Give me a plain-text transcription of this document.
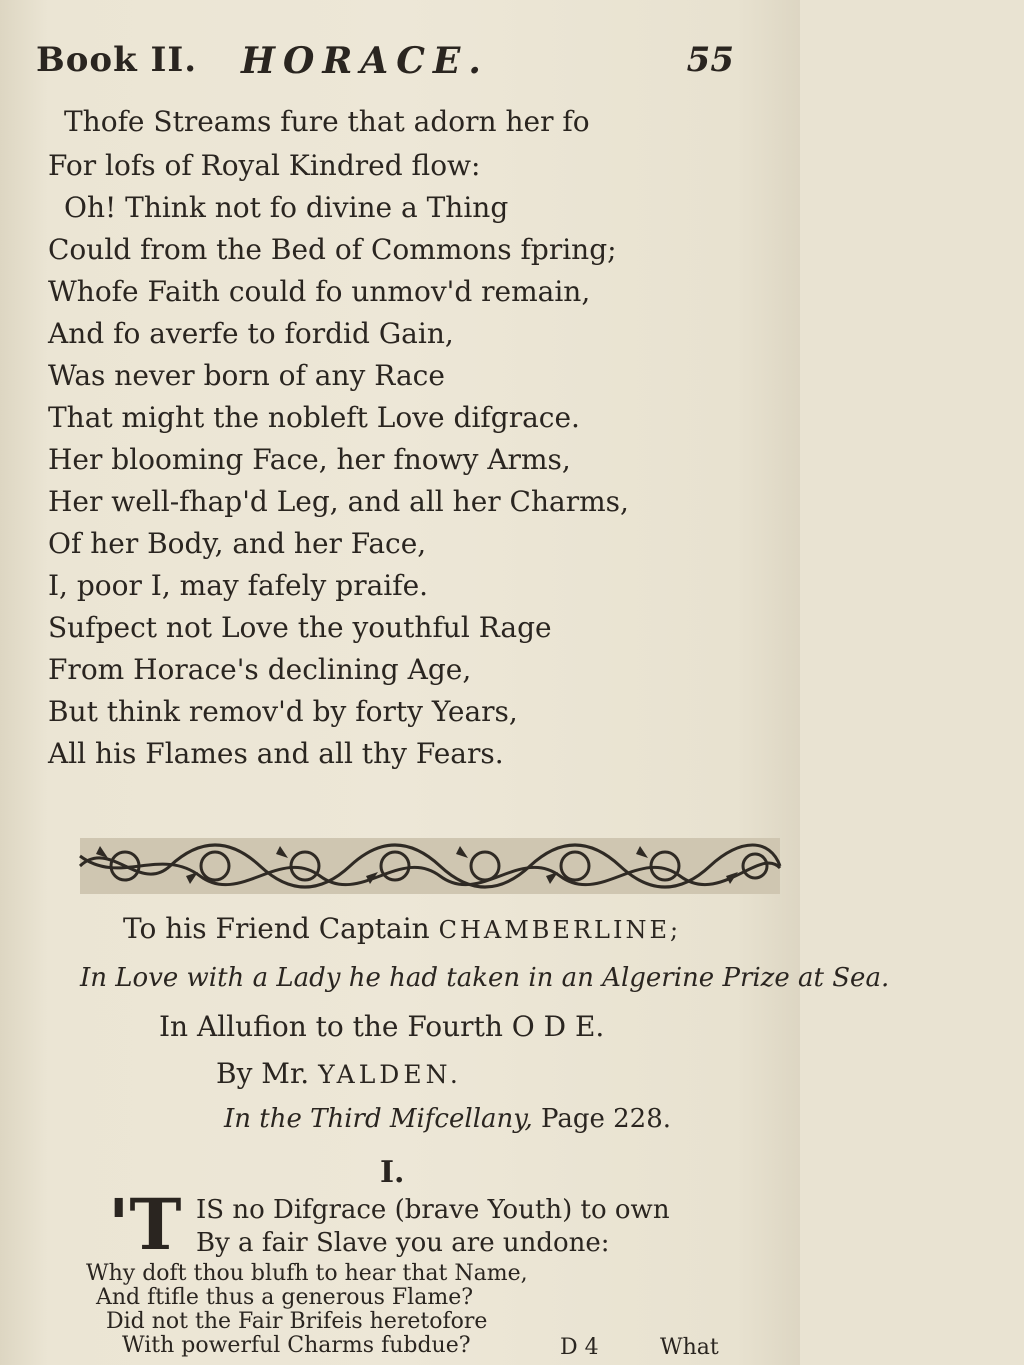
Book II. HORACE.	55
Thofe Streams fure that adorn her fo
For lofs of Royal Kindred flow:
Oh! Think not fo divine a Thing
Could from the Bed of Commons fpring;
Whofe Faith could fo unmov'd remain,
And fo averfe to fordid Gain,
Was never born of any Race
That might the nobleft Love difgrace.
Her blooming Face, her fnowy Arms,
Her well-fhap'd Leg, and all her Charms,
Of her Body, and her Face,
I, poor I, may fafely praife.
Sufpect not Love the youthful Rage
From Horace's declining Age,
But think remov'd by forty Years,
All his Flames and all thy Fears.
To his Friend Captain CHAMBERLINE;
In Love with a Lady he had taken in an Algerine Prize at Sea.
In Allufion to the Fourth O D E.
By Mr. YALDEN.
In the Third Mifcellany, Page 228.
I.
'T IS no Difgrace (brave Youth) to own
By a fair Slave you are undone:
Why doft thou blufh to hear that Name,
And ftifle thus a generous Flame?
Did not the Fair Brifeis heretofore
With powerful Charms fubdue?	D 4	What
